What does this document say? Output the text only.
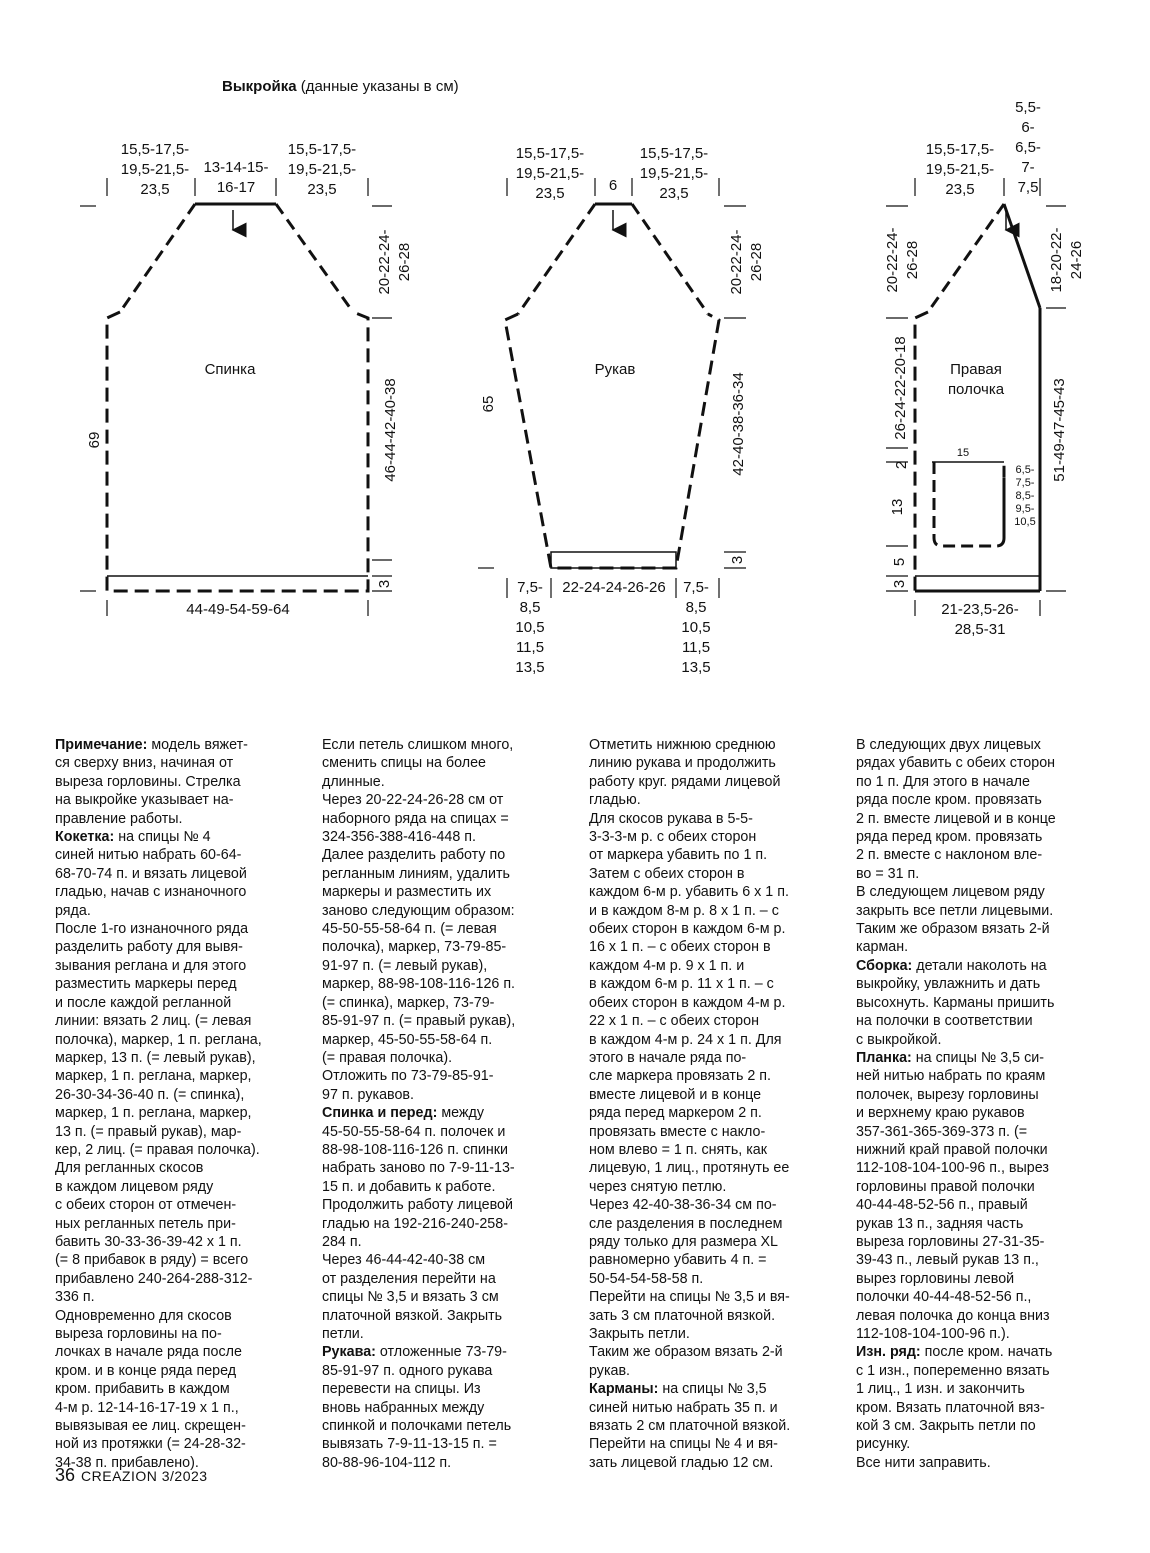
Выкройка (данные указаны в см)
15,5-17,5-
19,5-21,5-
23,5
13-14-15-
16-17
15,5-17,5-
19,5-21,5-
23,5
Спинка
20-22-24-
26-28
46-44-42-40-38
69
3
44-49-54-59-64
15,5-17,5-
19,5-21,5-
23,5	6
15,5-17,5-
19,5-21,5-
23,5
Рукав
20-22-24-
26-28
42-40-38-36-34
65
3
7,5-
8,5
10,5
11,5
13,5
22-24-24-26-26	7,5-
8,5
10,5
11,5
13,5
15,5-17,5-
19,5-21,5-
23,5
5,5-
6-
6,5-
7-
7,5
Правая
полочка
20-22-24-
26-28
26-24-22-20-18
2
13
5
3
18-20-22-
24-26
51-49-47-45-43
15
6,5-
7,5-
8,5-
9,5-
10,5
21-23,5-26-
28,5-31

Примечание: модель вяжет-
ся сверху вниз, начиная от
выреза горловины. Стрелка
на выкройке указывает на-
правление работы.
Кокетка: на спицы № 4
синей нитью набрать 60-64-
68-70-74 п. и вязать лицевой
гладью, начав с изнаночного
ряда.
После 1-го изнаночного ряда
разделить работу для вывя-
зывания реглана и для этого
разместить маркеры перед
и после каждой регланной
линии: вязать 2 лиц. (= левая
полочка), маркер, 1 п. реглана,
маркер, 13 п. (= левый рукав),
маркер, 1 п. реглана, маркер,
26-30-34-36-40 п. (= спинка),
маркер, 1 п. реглана, маркер,
13 п. (= правый рукав), мар-
кер, 2 лиц. (= правая полочка).
Для регланных скосов
в каждом лицевом ряду
с обеих сторон от отмечен-
ных регланных петель при-
бавить 30-33-36-39-42 х 1 п.
(= 8 прибавок в ряду) = всего
прибавлено 240-264-288-312-
336 п.
Одновременно для скосов
выреза горловины на по-
лочках в начале ряда после
кром. и в конце ряда перед
кром. прибавить в каждом
4-м р. 12-14-16-17-19 х 1 п.,
вывязывая ее лиц. скрещен-
ной из протяжки (= 24-28-32-
34-38 п. прибавлено).

Если петель слишком много,
сменить спицы на более
длинные.
Через 20-22-24-26-28 см от
наборного ряда на спицах =
324-356-388-416-448 п.
Далее разделить работу по
регланным линиям, удалить
маркеры и разместить их
заново следующим образом:
45-50-55-58-64 п. (= левая
полочка), маркер, 73-79-85-
91-97 п. (= левый рукав),
маркер, 88-98-108-116-126 п.
(= спинка), маркер, 73-79-
85-91-97 п. (= правый рукав),
маркер, 45-50-55-58-64 п.
(= правая полочка).
Отложить по 73-79-85-91-
97 п. рукавов.
Спинка и перед: между
45-50-55-58-64 п. полочек и
88-98-108-116-126 п. спинки
набрать заново по 7-9-11-13-
15 п. и добавить к работе.
Продолжить работу лицевой
гладью на 192-216-240-258-
284 п.
Через 46-44-42-40-38 см
от разделения перейти на
спицы № 3,5 и вязать 3 см
платочной вязкой. Закрыть
петли.
Рукава: отложенные 73-79-
85-91-97 п. одного рукава
перевести на спицы. Из
вновь набранных между
спинкой и полочками петель
вывязать 7-9-11-13-15 п. =
80-88-96-104-112 п.

Отметить нижнюю среднюю
линию рукава и продолжить
работу круг. рядами лицевой
гладью.
Для скосов рукава в 5-5-
3-3-3-м р. с обеих сторон
от маркера убавить по 1 п.
Затем с обеих сторон в
каждом 6-м р. убавить 6 х 1 п.
и в каждом 8-м р. 8 х 1 п. – с
обеих сторон в каждом 6-м р.
16 х 1 п. – с обеих сторон в
каждом 4-м р. 9 х 1 п. и
в каждом 6-м р. 11 х 1 п. – с
обеих сторон в каждом 4-м р.
22 х 1 п. – с обеих сторон
в каждом 4-м р. 24 х 1 п. Для
этого в начале ряда по-
сле маркера провязать 2 п.
вместе лицевой и в конце
ряда перед маркером 2 п.
провязать вместе с накло-
ном влево = 1 п. снять, как
лицевую, 1 лиц., протянуть ее
через снятую петлю.
Через 42-40-38-36-34 см по-
сле разделения в последнем
ряду только для размера XL
равномерно убавить 4 п. =
50-54-54-58-58 п.
Перейти на спицы № 3,5 и вя-
зать 3 см платочной вязкой.
Закрыть петли.
Таким же образом вязать 2-й
рукав.
Карманы: на спицы № 3,5
синей нитью набрать 35 п. и
вязать 2 см платочной вязкой.
Перейти на спицы № 4 и вя-
зать лицевой гладью 12 см.

В следующих двух лицевых
рядах убавить с обеих сторон
по 1 п. Для этого в начале
ряда после кром. провязать
2 п. вместе лицевой и в конце
ряда перед кром. провязать
2 п. вместе с наклоном вле-
во = 31 п.
В следующем лицевом ряду
закрыть все петли лицевыми.
Таким же образом вязать 2-й
карман.
Сборка: детали наколоть на
выкройку, увлажнить и дать
высохнуть. Карманы пришить
на полочки в соответствии
с выкройкой.
Планка: на спицы № 3,5 си-
ней нитью набрать по краям
полочек, вырезу горловины
и верхнему краю рукавов
357-361-365-369-373 п. (=
нижний край правой полочки
112-108-104-100-96 п., вырез
горловины правой полочки
40-44-48-52-56 п., правый
рукав 13 п., задняя часть
выреза горловины 27-31-35-
39-43 п., левый рукав 13 п.,
вырез горловины левой
полочки 40-44-48-52-56 п.,
левая полочка до конца вниз
112-108-104-100-96 п.).
Изн. ряд: после кром. начать
с 1 изн., попеременно вязать
1 лиц., 1 изн. и закончить
кром. Вязать платочной вяз-
кой 3 см. Закрыть петли по
рисунку.
Все нити заправить.

36 CREAZION 3/2023
